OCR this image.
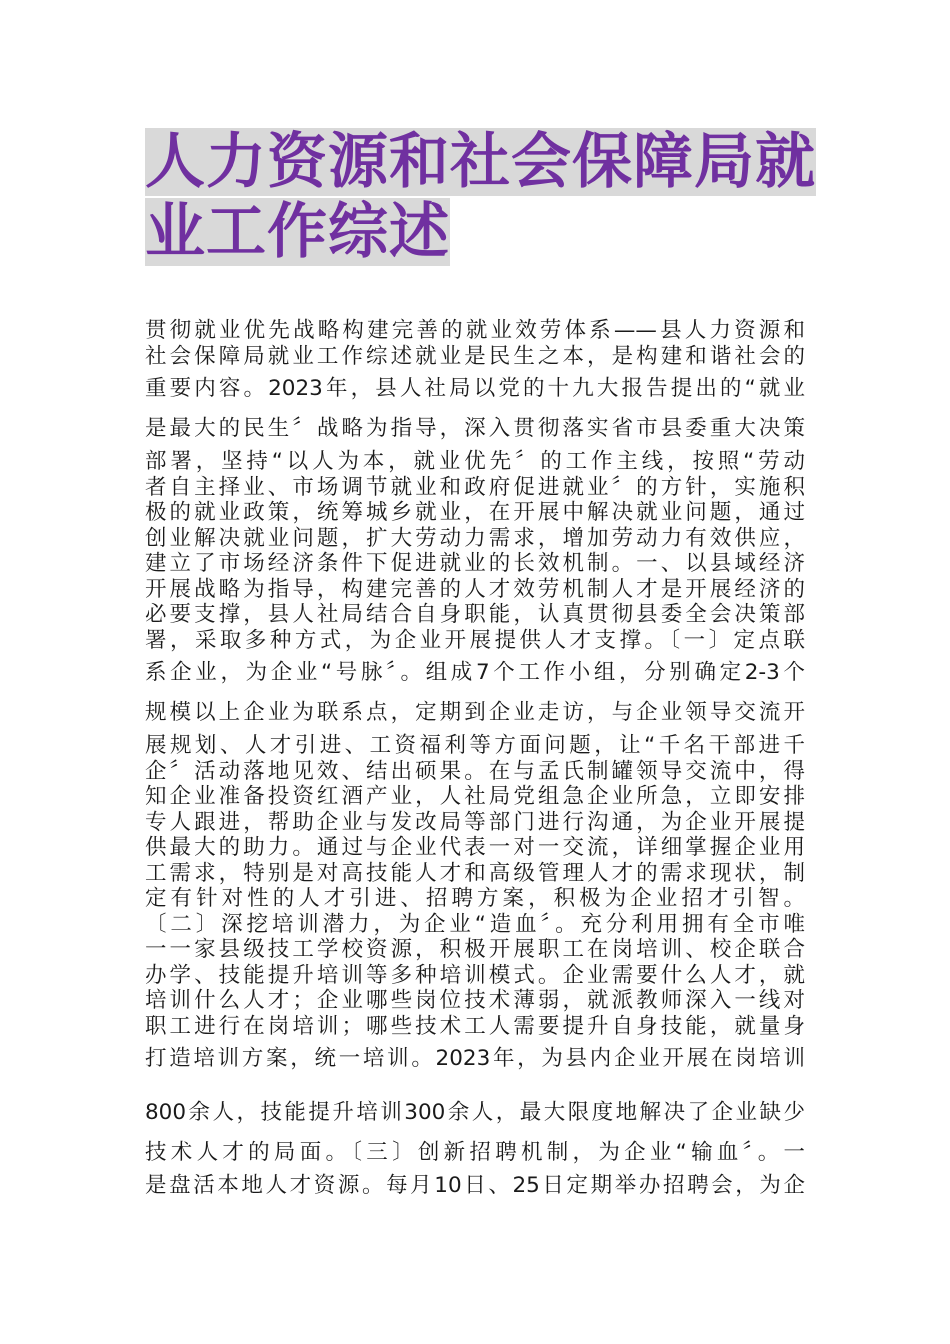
人力资源和社会保障局就
业工作综述
贯彻就业优先战略构建完善的就业效劳体系——县人力资源和
社会保障局就业工作综述就业是民生之本，是构建和谐社会的
重要内容。2023年，县人社局以党的十九大报告提出的“就业
是最大的民生〞战略为指导，深入贯彻落实省市县委重大决策
部署，坚持“以人为本，就业优先〞的工作主线，按照“劳动
者自主择业、市场调节就业和政府促进就业〞的方针，实施积
极的就业政策，统筹城乡就业，在开展中解决就业问题，通过
创业解决就业问题，扩大劳动力需求，增加劳动力有效供应，
建立了市场经济条件下促进就业的长效机制。一、以县域经济
开展战略为指导，构建完善的人才效劳机制人才是开展经济的
必要支撑，县人社局结合自身职能，认真贯彻县委全会决策部
署，采取多种方式，为企业开展提供人才支撑。〔一〕定点联
系企业，为企业“号脉〞。组成7个工作小组，分别确定2-3个
规模以上企业为联系点，定期到企业走访，与企业领导交流开
展规划、人才引进、工资福利等方面问题，让“千名干部进千
企〞活动落地见效、结出硕果。在与孟氏制罐领导交流中，得
知企业准备投资红酒产业，人社局党组急企业所急，立即安排
专人跟进，帮助企业与发改局等部门进行沟通，为企业开展提
供最大的助力。通过与企业代表一对一交流，详细掌握企业用
工需求，特别是对高技能人才和高级管理人才的需求现状，制
定有针对性的人才引进、招聘方案，积极为企业招才引智。
〔二〕深挖培训潜力，为企业“造血〞。充分利用拥有全市唯
一一家县级技工学校资源，积极开展职工在岗培训、校企联合
办学、技能提升培训等多种培训模式。企业需要什么人才，就
培训什么人才；企业哪些岗位技术薄弱，就派教师深入一线对
职工进行在岗培训；哪些技术工人需要提升自身技能，就量身
打造培训方案，统一培训。2023年，为县内企业开展在岗培训
800余人，技能提升培训300余人，最大限度地解决了企业缺少
技术人才的局面。〔三〕创新招聘机制，为企业“输血〞。一
是盘活本地人才资源。每月10日、25日定期举办招聘会，为企
